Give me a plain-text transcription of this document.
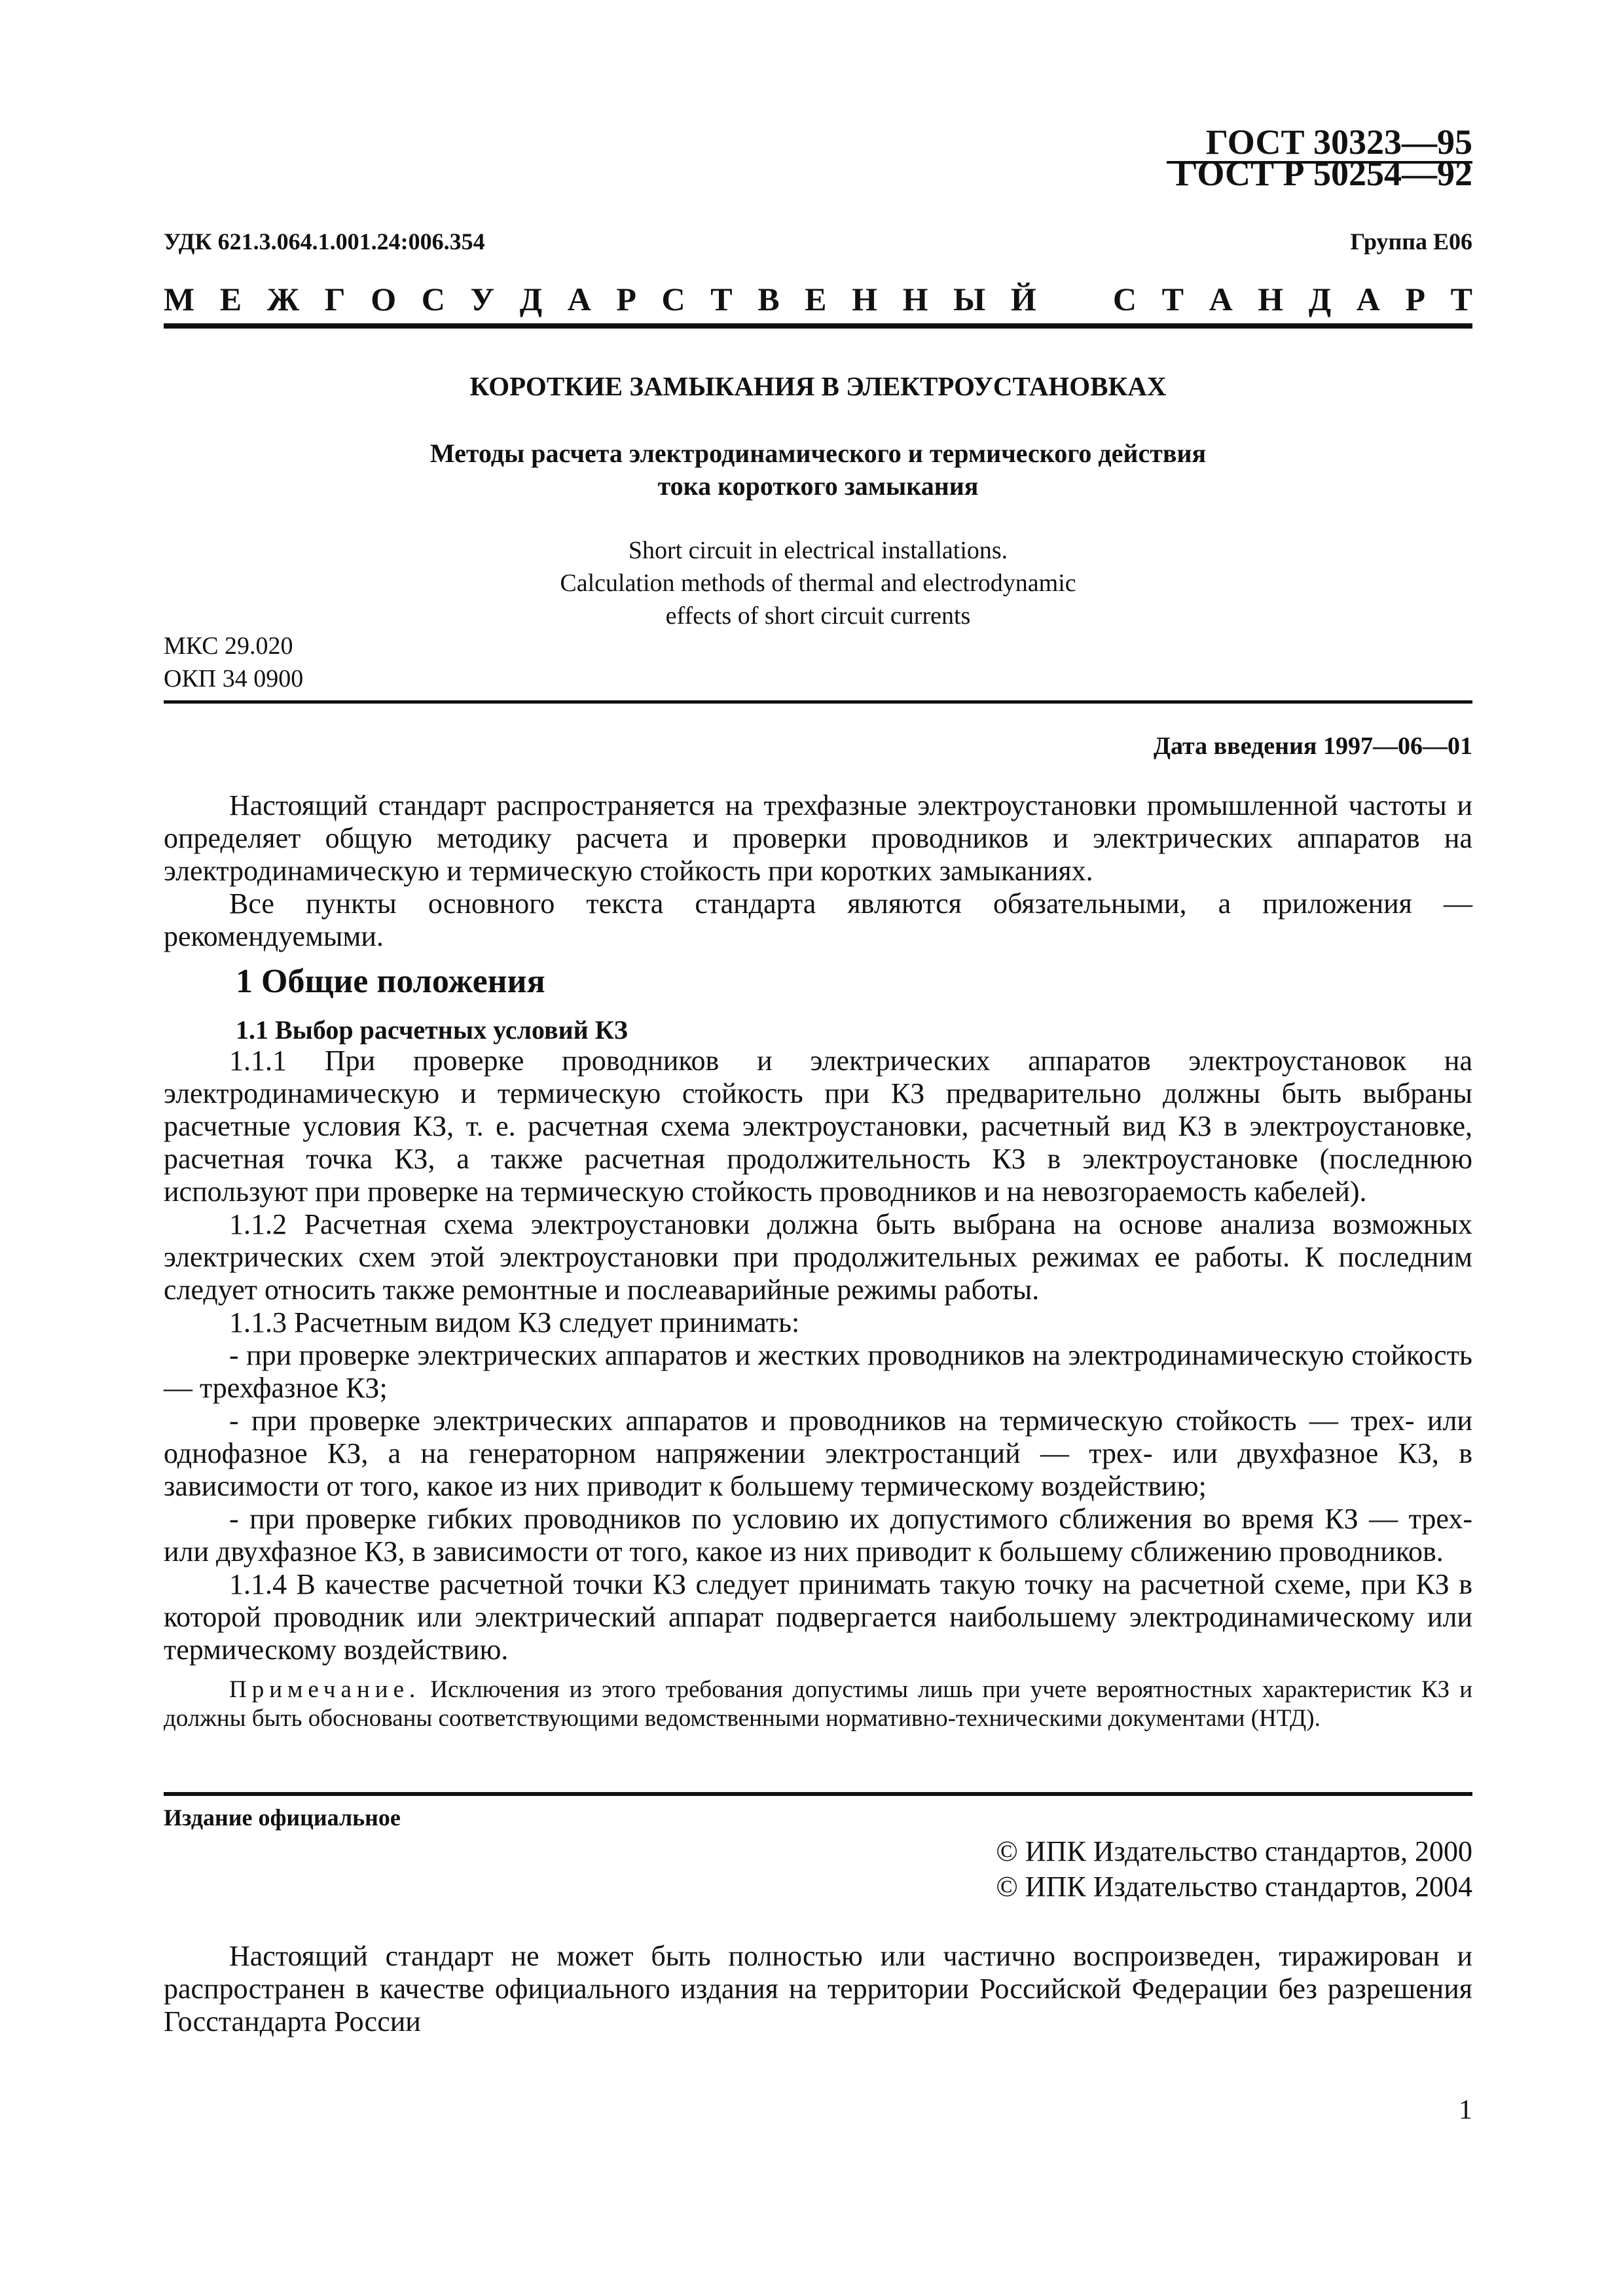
ГОСТ 30323—95
ГОСТ Р 50254—92
УДК 621.3.064.1.001.24:006.354	Группа Е06
М Е Ж Г О С У Д А Р С Т В Е Н Н Ы Й С Т А Н Д А Р Т
КОРОТКИЕ ЗАМЫКАНИЯ В ЭЛЕКТРОУСТАНОВКАХ
Методы расчета электродинамического и термического действия
тока короткого замыкания
Short circuit in electrical installations.
Calculation methods of thermal and electrodynamic
effects of short circuit currents
МКС 29.020
ОКП 34 0900
Дата введения 1997—06—01

Настоящий стандарт распространяется на трехфазные электроустановки промышленной частоты и определяет общую методику расчета и проверки проводников и электрических аппаратов на электродинамическую и термическую стойкость при коротких замыканиях.

Все пункты основного текста стандарта являются обязательными, а приложения — рекомендуемыми.

1 Общие положения
1.1 Выбор расчетных условий КЗ

1.1.1 При проверке проводников и электрических аппаратов электроустановок на электродинамическую и термическую стойкость при КЗ предварительно должны быть выбраны расчетные условия КЗ, т. е. расчетная схема электроустановки, расчетный вид КЗ в электроустановке, расчетная точка КЗ, а также расчетная продолжительность КЗ в электроустановке (последнюю используют при проверке на термическую стойкость проводников и на невозгораемость кабелей).

1.1.2 Расчетная схема электроустановки должна быть выбрана на основе анализа возможных электрических схем этой электроустановки при продолжительных режимах ее работы. К последним следует относить также ремонтные и послеаварийные режимы работы.

1.1.3 Расчетным видом КЗ следует принимать:

- при проверке электрических аппаратов и жестких проводников на электродинамическую стойкость — трехфазное КЗ;

- при проверке электрических аппаратов и проводников на термическую стойкость — трех- или однофазное КЗ, а на генераторном напряжении электростанций — трех- или двухфазное КЗ, в зависимости от того, какое из них приводит к большему термическому воздействию;

- при проверке гибких проводников по условию их допустимого сближения во время КЗ — трех- или двухфазное КЗ, в зависимости от того, какое из них приводит к большему сближению проводников.

1.1.4 В качестве расчетной точки КЗ следует принимать такую точку на расчетной схеме, при КЗ в которой проводник или электрический аппарат подвергается наибольшему электродинамическому или термическому воздействию.

Примечание. Исключения из этого требования допустимы лишь при учете вероятностных характеристик КЗ и должны быть обоснованы соответствующими ведомственными нормативно-техническими документами (НТД).
Издание официальное
© ИПК Издательство стандартов, 2000
© ИПК Издательство стандартов, 2004

Настоящий стандарт не может быть полностью или частично воспроизведен, тиражирован и распространен в качестве официального издания на территории Российской Федерации без разрешения Госстандарта России

1
